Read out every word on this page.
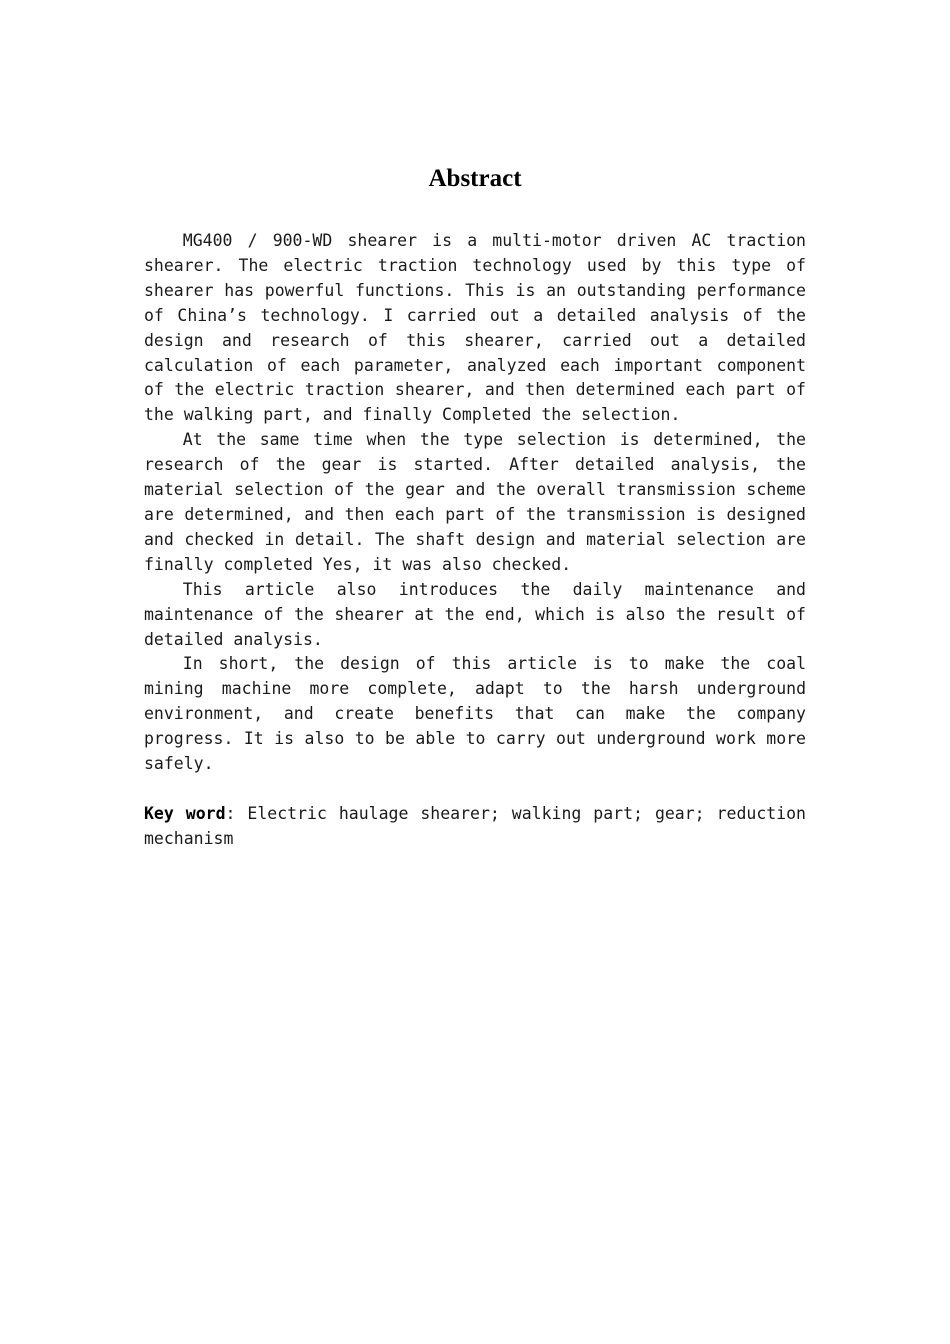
Abstract

MG400 / 900-WD shearer is a multi-motor driven AC traction shearer. The electric traction technology used by this type of shearer has powerful functions. This is an outstanding performance of China’s technology. I carried out a detailed analysis of the design and research of this shearer, carried out a detailed calculation of each parameter, analyzed each important component of the electric traction shearer, and then determined each part of the walking part, and finally Completed the selection.

At the same time when the type selection is determined, the research of the gear is started. After detailed analysis, the material selection of the gear and the overall transmission scheme are determined, and then each part of the transmission is designed and checked in detail. The shaft design and material selection are finally completed Yes, it was also checked.

This article also introduces the daily maintenance and maintenance of the shearer at the end, which is also the result of detailed analysis.

In short, the design of this article is to make the coal mining machine more complete, adapt to the harsh underground environment, and create benefits that can make the company progress. It is also to be able to carry out underground work more safely.

Key word: Electric haulage shearer; walking part; gear; reduction mechanism
